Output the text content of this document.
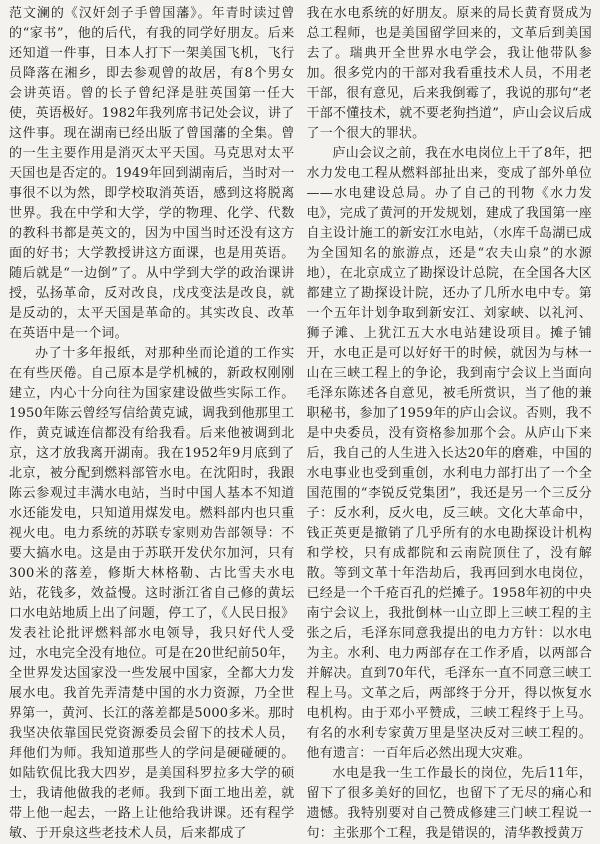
范文澜的《汉奸刽子手曾国藩》。年青时读过曾的“家书”，他的后代，有我的同学好朋友。后来还知道一件事，日本人打下一架美国飞机，飞行员降落在湘乡，即去参观曾的故居，有8个男女会讲英语。曾的长子曾纪泽是驻英国第一任大使，英语极好。1982年我列席书记处会议，讲了这件事。现在湖南已经出版了曾国藩的全集。曾的一生主要作用是消灭太平天国。马克思对太平天国也是否定的。1949年回到湖南后，当时对一事很不以为然，即学校取消英语，感到这将脱离世界。我在中学和大学，学的物理、化学、代数的教科书都是英文的，因为中国当时还没有这方面的好书；大学教授讲这方面课，也是用英语。随后就是“一边倒”了。从中学到大学的政治课讲授，弘扬革命，反对改良，戊戌变法是改良，就是反动的，太平天国是革命的。其实改良、改革在英语中是一个词。

办了十多年报纸，对那种坐而论道的工作实在有些厌倦。自己原本是学机械的，新政权刚刚建立，内心十分向往为国家建设做些实际工作。1950年陈云曾经写信给黄克诚，调我到他那里工作，黄克诚连信都没有给我看。后来他被调到北京，这才放我离开湖南。我在1952年9月底到了北京，被分配到燃料部管水电。在沈阳时，我跟陈云参观过丰满水电站，当时中国人基本不知道水还能发电，只知道用煤发电。燃料部内也只重视火电。电力系统的苏联专家则劝告部领导：不要大搞水电。这是由于苏联开发伏尔加河，只有300米的落差，修斯大林格勒、古比雪夫水电站，花钱多，效益慢。这时浙江省自己修的黄坛口水电站地质上出了问题，停工了，《人民日报》发表社论批评燃料部水电领导，我只好代人受过，水电完全没有地位。可是在20世纪前50年，全世界发达国家没一些发展中国家，全都大力发展水电。我首先弄清楚中国的水力资源，乃全世界第一，黄河、长江的落差都是5000多米。那时我坚决依靠国民党资源委员会留下的技术人员，拜他们为师。我知道那些人的学问是硬碰硬的。如陆钦侃比我大四岁，是美国科罗拉多大学的硕士，我请他做我的老师。我到下面工地出差，就带上他一起去，一路上让他给我讲课。还有程学敏、于开泉这些老技术人员，后来都成了

我在水电系统的好朋友。原来的局长黄育贤成为总工程师，也是美国留学回来的，文革后到美国去了。瑞典开全世界水电学会，我让他带队参加。很多党内的干部对我看重技术人员，不用老干部，很有意见，后来我倒霉了，我说的那句“老干部不懂技术，就不要老狗挡道”，庐山会议后成了一个很大的罪状。

庐山会议之前，我在水电岗位上干了8年，把水力发电工程从燃料部扯出来，变成了部外单位——水电建设总局。办了自己的刊物《水力发电》，完成了黄河的开发规划，建成了我国第一座自主设计施工的新安江水电站，（水库千岛湖已成为全国知名的旅游点，还是“农夫山泉”的水源地），在北京成立了勘探设计总院，在全国各大区都建立了勘探设计院，还办了几所水电中专。第一个五年计划争取到新安江、刘家峡、以礼河、狮子滩、上犹江五大水电站建设项目。摊子铺开，水电正是可以好好干的时候，就因为与林一山在三峡工程上的争论，我到南宁会议上当面向毛泽东陈述各自意见，被毛所赏识，当了他的兼职秘书，参加了1959年的庐山会议。否则，我不是中央委员，没有资格参加那个会。从庐山下来后，我自己的人生进入长达20年的磨难，中国的水电事业也受到重创，水利电力部打出了一个全国范围的“李锐反党集团”，我还是另一个三反分子：反水利，反火电，反三峡。文化大革命中，钱正英更是撤销了几乎所有的水电勘探设计机构和学校，只有成都院和云南院顶住了，没有解散。等到文革十年浩劫后，我再回到水电岗位，已经是一个千疮百孔的烂摊子。1958年初的中央南宁会议上，我批倒林一山立即上三峡工程的主张之后，毛泽东同意我提出的电力方针：以水电为主。水利、电力两部存在工作矛盾，以两部合并解决。直到70年代，毛泽东一直不同意三峡工程上马。文革之后，两部终于分开，得以恢复水电机构。由于邓小平赞成，三峡工程终于上马。有名的水利专家黄万里是坚决反对三峡工程的。他有遗言：一百年后必然出现大灾难。

水电是我一生工作最长的岗位，先后11年，留下了很多美好的回忆，也留下了无尽的痛心和遗憾。我特别要对自己赞成修建三门峡工程说一句：主张那个工程，我是错误的，清华教授黄万
